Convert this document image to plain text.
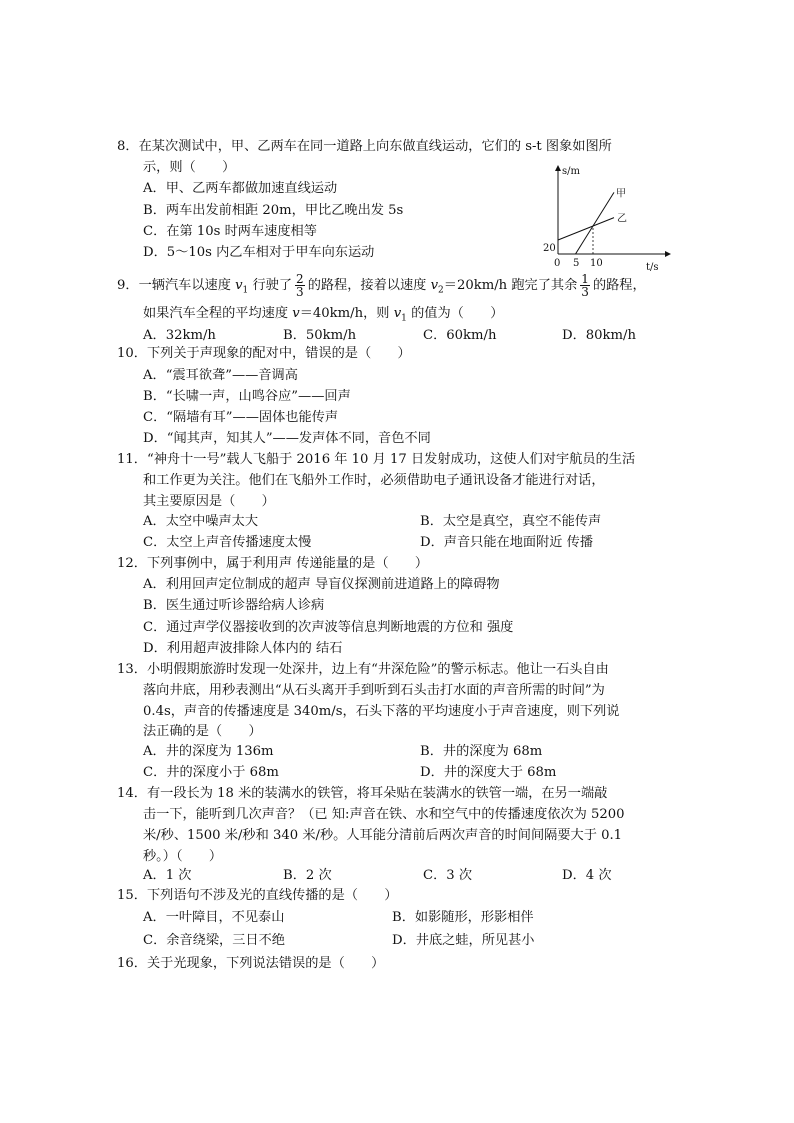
8．在某次测试中，甲、乙两车在同一道路上向东做直线运动，它们的 s-t 图象如图所
示，则（　　）
A．甲、乙两车都做加速直线运动
B．两车出发前相距 20m，甲比乙晚出发 5s
C．在第 10s 时两车速度相等
D．5～10s 内乙车相对于甲车向东运动
s/m
t/s
20
0 5 10
甲
乙
9．一辆汽车以速度 $v_1$ 行驶了 $\frac{2}{3}$ 的路程，接着以速度 $v_2=20km/h$ 跑完了其余 $\frac{1}{3}$ 的路程，
如果汽车全程的平均速度 v＝40km/h，则 $v_1$ 的值为（　　）
A．32km/h	B．50km/h	C．60km/h	D．80km/h
10．下列关于声现象的配对中，错误的是（　　）
A．“震耳欲聋”——音调高
B．“长啸一声，山鸣谷应”——回声
C．“隔墙有耳”——固体也能传声
D．“闻其声，知其人”——发声体不同，音色不同
11．“神舟十一号”载人飞船于 2016 年 10 月 17 日发射成功，这使人们对宇航员的生活
和工作更为关注。他们在飞船外工作时，必须借助电子通讯设备才能进行对话，
其主要原因是（　　）
A．太空中噪声太大	B．太空是真空，真空不能传声
C．太空上声音传播速度太慢	D．声音只能在地面附近 传播
12．下列事例中，属于利用声 传递能量的是（　　）
A．利用回声定位制成的超声 导盲仪探测前进道路上的障碍物
B．医生通过听诊器给病人诊病
C．通过声学仪器接收到的次声波等信息判断地震的方位和 强度
D．利用超声波排除人体内的 结石
13．小明假期旅游时发现一处深井，边上有“井深危险”的警示标志。他让一石头自由
落向井底，用秒表测出“从石头离开手到听到石头击打水面的声音所需的时间”为
0.4s，声音的传播速度是 340m/s，石头下落的平均速度小于声音速度，则下列说
法正确的是（　　）
A．井的深度为 136m	B．井的深度为 68m
C．井的深度小于 68m	D．井的深度大于 68m
14．有一段长为 18 米的装满水的铁管，将耳朵贴在装满水的铁管一端，在另一端敲
击一下，能听到几次声音？（已 知:声音在铁、水和空气中的传播速度依次为 5200
米/秒、1500 米/秒和 340 米/秒。人耳能分清前后两次声音的时间间隔要大于 0.1
秒。）（　　）
A．1 次	B．2 次	C．3 次	D．4 次
15．下列语句不涉及光的直线传播的是（　　）
A．一叶障目，不见泰山	B．如影随形，形影相伴
C．余音绕梁，三日不绝	D．井底之蛙，所见甚小
16．关于光现象，下列说法错误的是（　　）
